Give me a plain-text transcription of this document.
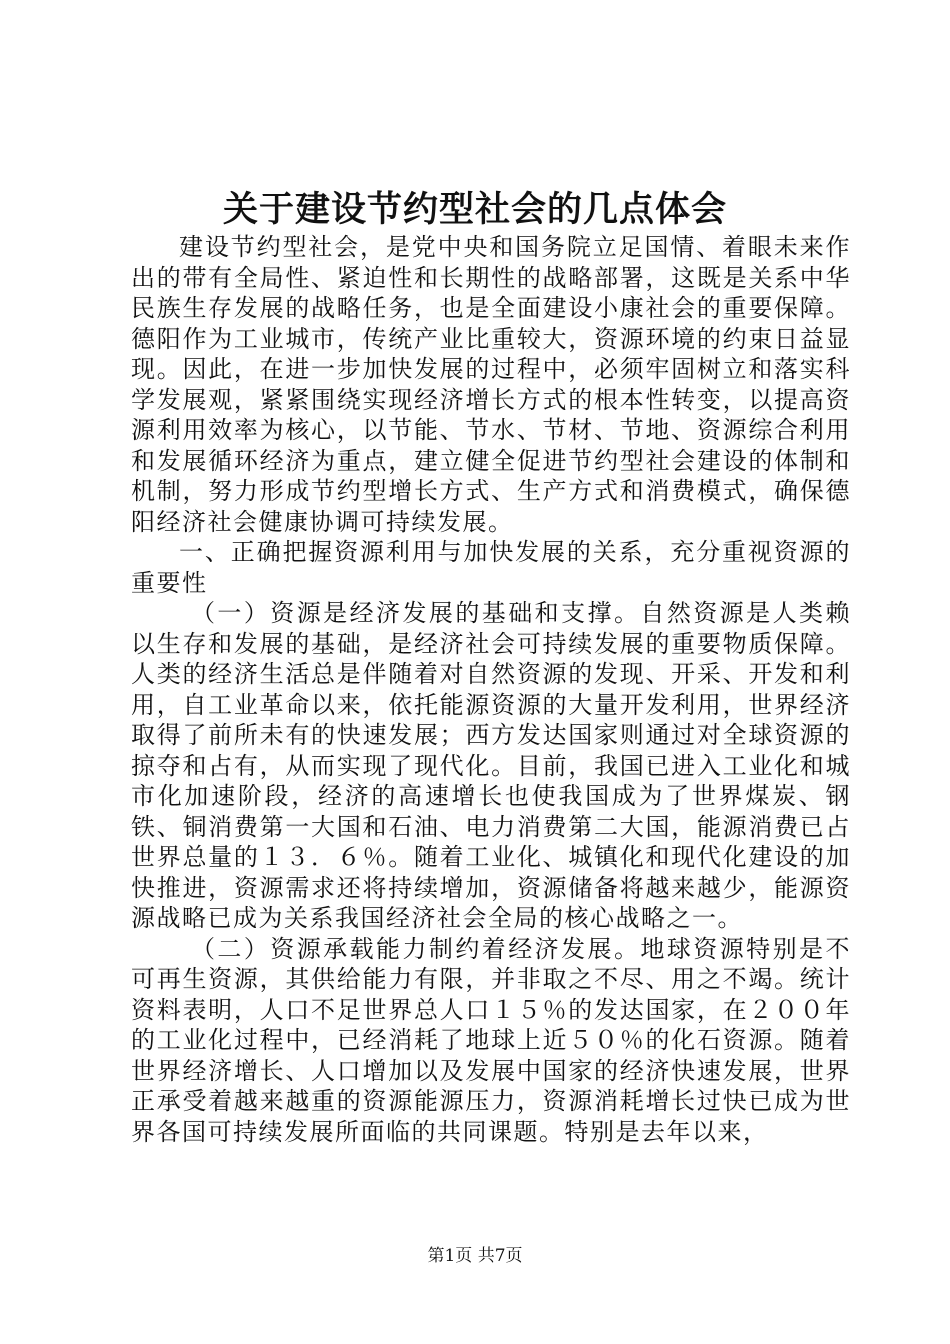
关于建设节约型社会的几点体会

建设节约型社会，是党中央和国务院立足国情、着眼未来作出的带有全局性、紧迫性和长期性的战略部署，这既是关系中华民族生存发展的战略任务，也是全面建设小康社会的重要保障。德阳作为工业城市，传统产业比重较大，资源环境的约束日益显现。因此，在进一步加快发展的过程中，必须牢固树立和落实科学发展观，紧紧围绕实现经济增长方式的根本性转变，以提高资源利用效率为核心，以节能、节水、节材、节地、资源综合利用和发展循环经济为重点，建立健全促进节约型社会建设的体制和机制，努力形成节约型增长方式、生产方式和消费模式，确保德阳经济社会健康协调可持续发展。

一、正确把握资源利用与加快发展的关系，充分重视资源的重要性

（一）资源是经济发展的基础和支撑。自然资源是人类赖以生存和发展的基础，是经济社会可持续发展的重要物质保障。人类的经济生活总是伴随着对自然资源的发现、开采、开发和利用，自工业革命以来，依托能源资源的大量开发利用，世界经济取得了前所未有的快速发展；西方发达国家则通过对全球资源的掠夺和占有，从而实现了现代化。目前，我国已进入工业化和城市化加速阶段，经济的高速增长也使我国成为了世界煤炭、钢铁、铜消费第一大国和石油、电力消费第二大国，能源消费已占世界总量的１３．６％。随着工业化、城镇化和现代化建设的加快推进，资源需求还将持续增加，资源储备将越来越少，能源资源战略已成为关系我国经济社会全局的核心战略之一。

（二）资源承载能力制约着经济发展。地球资源特别是不可再生资源，其供给能力有限，并非取之不尽、用之不竭。统计资料表明，人口不足世界总人口１５％的发达国家，在２００年的工业化过程中，已经消耗了地球上近５０％的化石资源。随着世界经济增长、人口增加以及发展中国家的经济快速发展，世界正承受着越来越重的资源能源压力，资源消耗增长过快已成为世界各国可持续发展所面临的共同课题。特别是去年以来，

第1页 共7页
